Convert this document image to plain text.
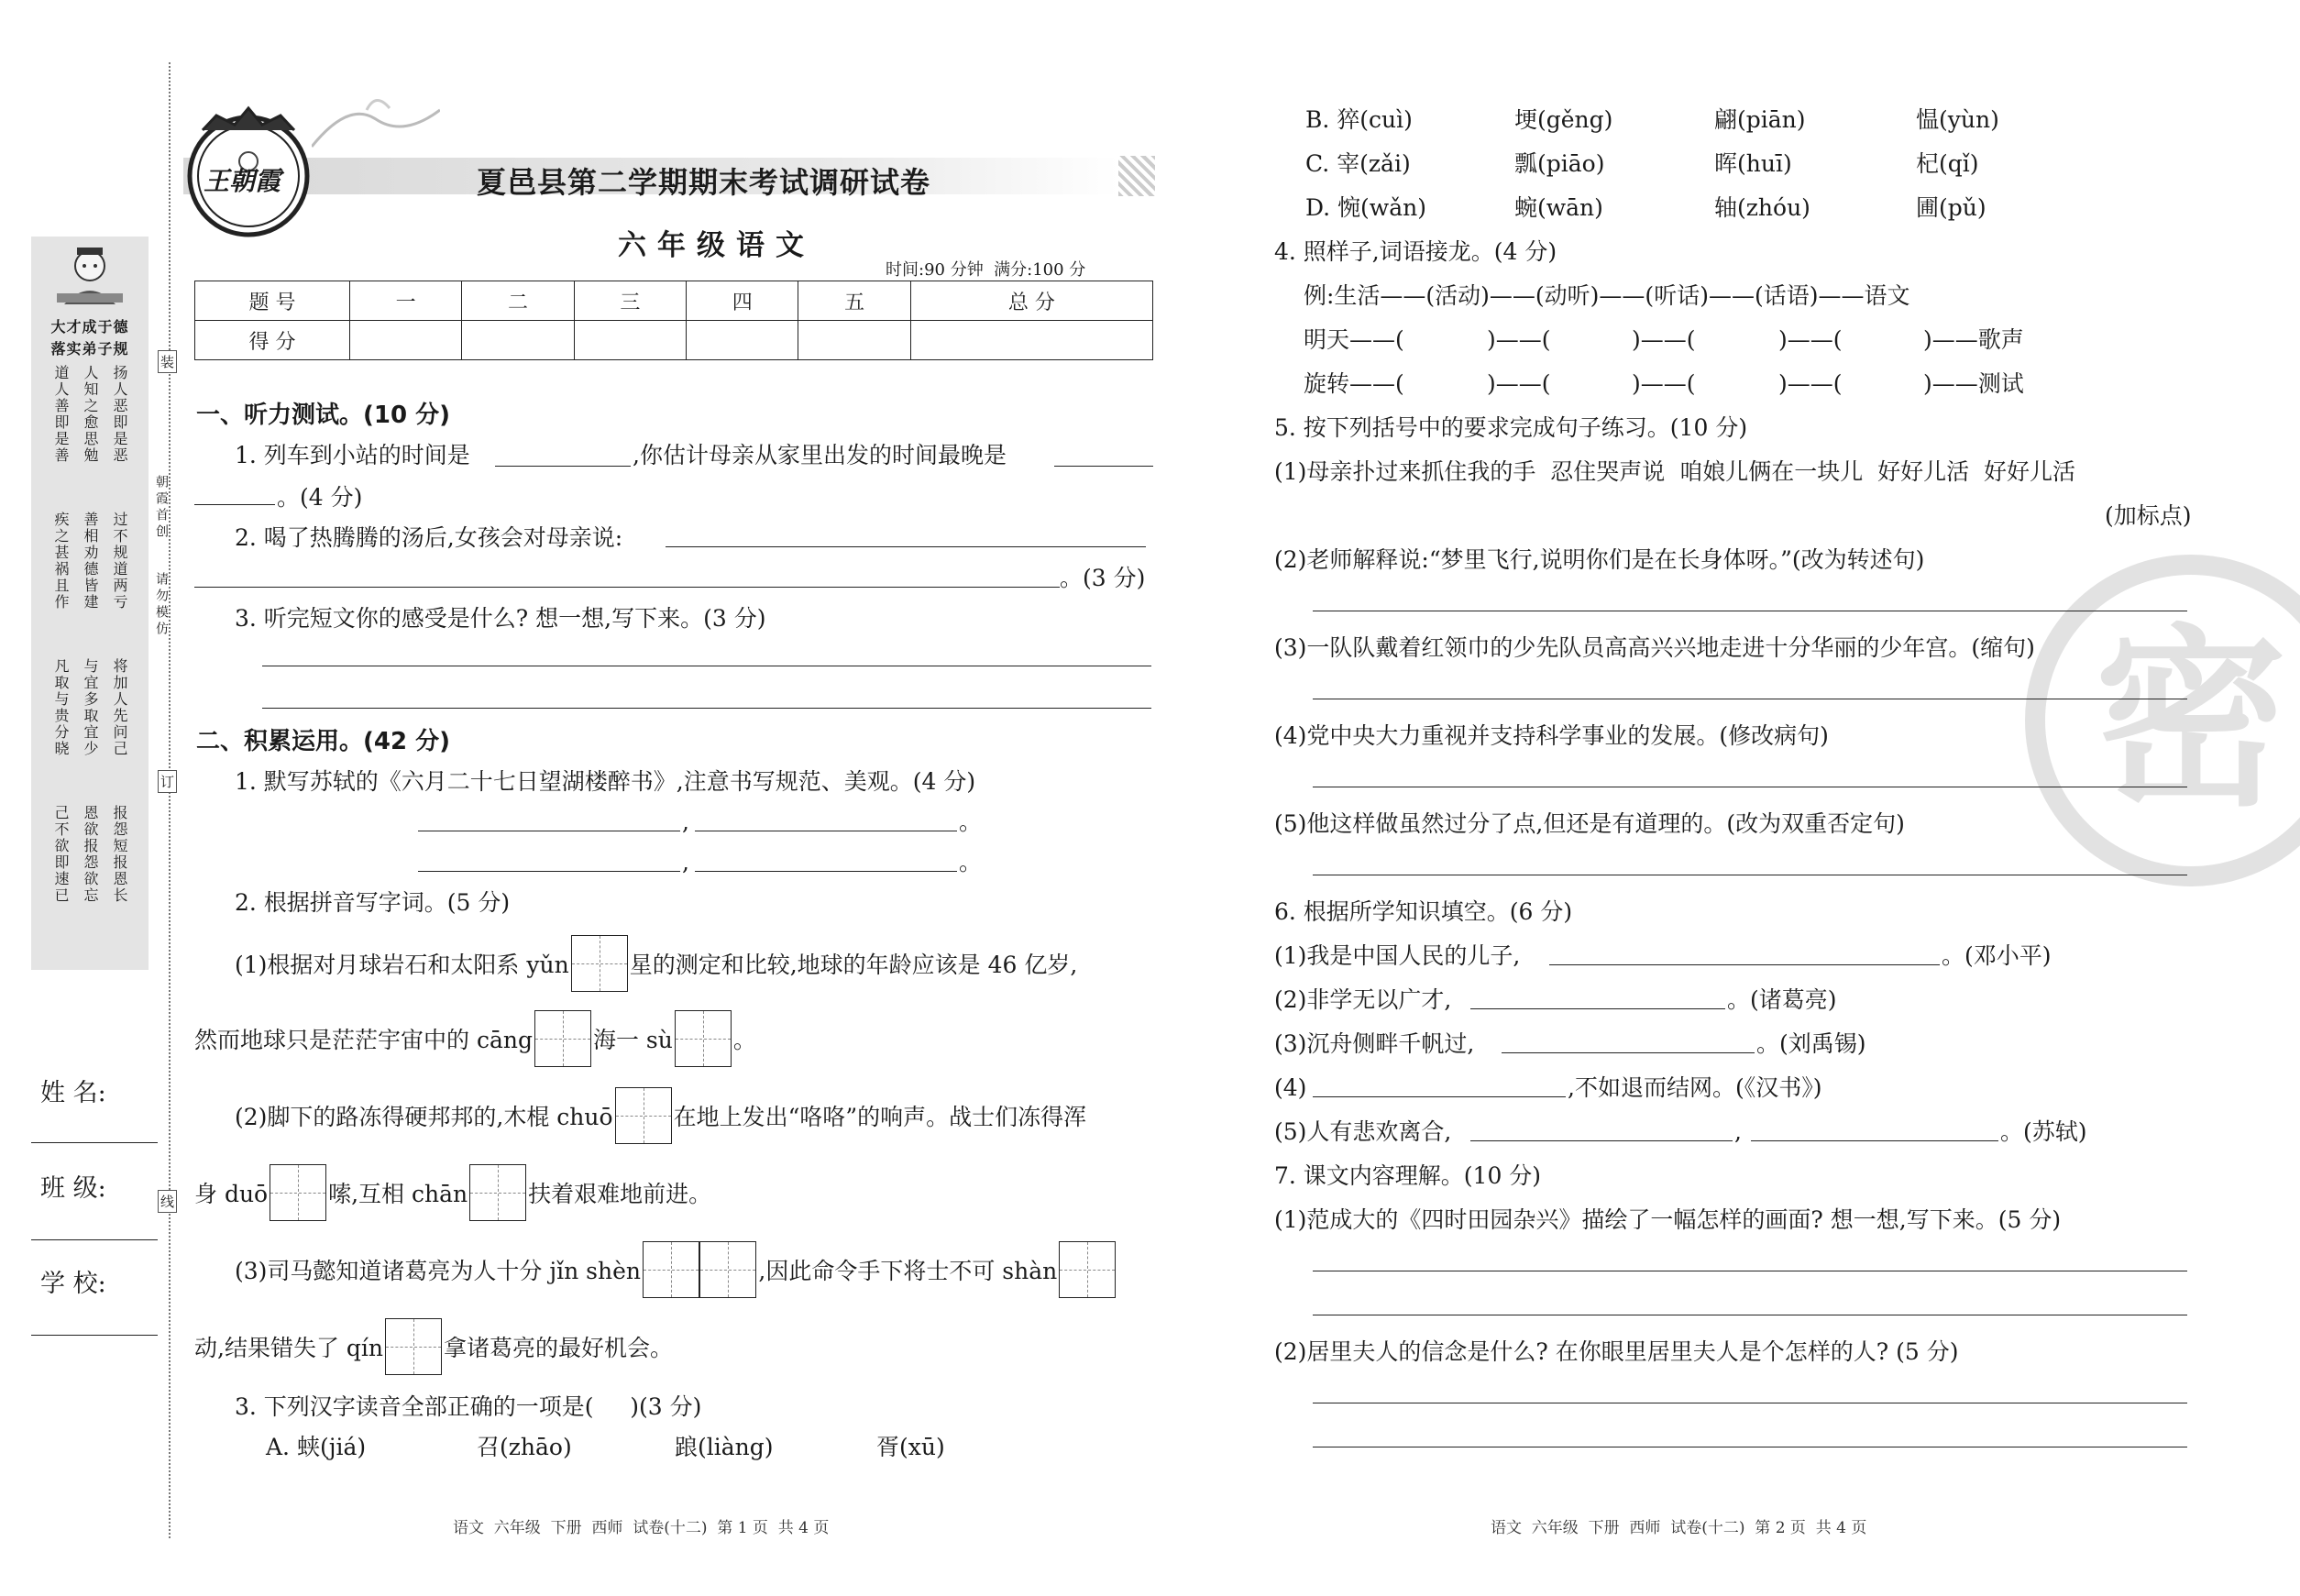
大才成于德
落实弟子规
道人善即是善 人知之愈思勉 扬人恶即是恶
疾之甚祸且作 善相劝德皆建 过不规道两亏
凡取与贵分晓 与宜多取宜少 将加人先问己
己不欲即速已 恩欲报怨欲忘 报怨短报恩长
姓 名:
班 级:
学 校:
装
订
线
朝霞首创
请勿模仿
王朝霞	夏邑县第二学期期末考试调研试卷
六年级语文
时间:90 分钟  满分:100 分
题 号	一	二	三	四	五	总 分
得 分						
一、听力测试。(10 分)
1. 列车到小站的时间是	,你估计母亲从家里出发的时间最晚是
。(4 分)
2. 喝了热腾腾的汤后,女孩会对母亲说:
。(3 分)
3. 听完短文你的感受是什么? 想一想,写下来。(3 分)
二、积累运用。(42 分)
1. 默写苏轼的《六月二十七日望湖楼醉书》,注意书写规范、美观。(4 分)
,	。
,	。
2. 根据拼音写字词。(5 分)
(1)根据对月球岩石和太阳系 yǔn	星的测定和比较,地球的年龄应该是 46 亿岁,
然而地球只是茫茫宇宙中的 cāng	海一 sù	。
(2)脚下的路冻得硬邦邦的,木棍 chuō	在地上发出“咯咯”的响声。战士们冻得浑
身 duō	嗦,互相 chān	扶着艰难地前进。
(3)司马懿知道诸葛亮为人十分 jǐn shèn	,因此命令手下将士不可 shàn
动,结果错失了 qín	拿诸葛亮的最好机会。
3. 下列汉字读音全部正确的一项是(     )(3 分)
A. 蛱(jiá)	召(zhāo)	踉(liàng)	胥(xū)
语文  六年级  下册  西师  试卷(十二)  第 1 页  共 4 页
密
B. 猝(cuì)	埂(gěng)	翩(piān)	愠(yùn)
C. 宰(zǎi)	瓢(piāo)	晖(huī)	杞(qǐ)
D. 惋(wǎn)	蜿(wān)	轴(zhóu)	圃(pǔ)
4. 照样子,词语接龙。(4 分)
例:生活——(活动)——(动听)——(听话)——(话语)——语文
明天——(	)——(	)——(	)——(	)——歌声
旋转——(	)——(	)——(	)——(	)——测试
5. 按下列括号中的要求完成句子练习。(10 分)
(1)母亲扑过来抓住我的手  忍住哭声说  咱娘儿俩在一块儿  好好儿活  好好儿活
(加标点)
(2)老师解释说:“梦里飞行,说明你们是在长身体呀。”(改为转述句)
(3)一队队戴着红领巾的少先队员高高兴兴地走进十分华丽的少年宫。(缩句)
(4)党中央大力重视并支持科学事业的发展。(修改病句)
(5)他这样做虽然过分了点,但还是有道理的。(改为双重否定句)
6. 根据所学知识填空。(6 分)
(1)我是中国人民的儿子,	。(邓小平)
(2)非学无以广才,	。(诸葛亮)
(3)沉舟侧畔千帆过,	。(刘禹锡)
(4)	,不如退而结网。(《汉书》)
(5)人有悲欢离合,	,	。(苏轼)
7. 课文内容理解。(10 分)
(1)范成大的《四时田园杂兴》描绘了一幅怎样的画面? 想一想,写下来。(5 分)
(2)居里夫人的信念是什么? 在你眼里居里夫人是个怎样的人? (5 分)
语文  六年级  下册  西师  试卷(十二)  第 2 页  共 4 页
